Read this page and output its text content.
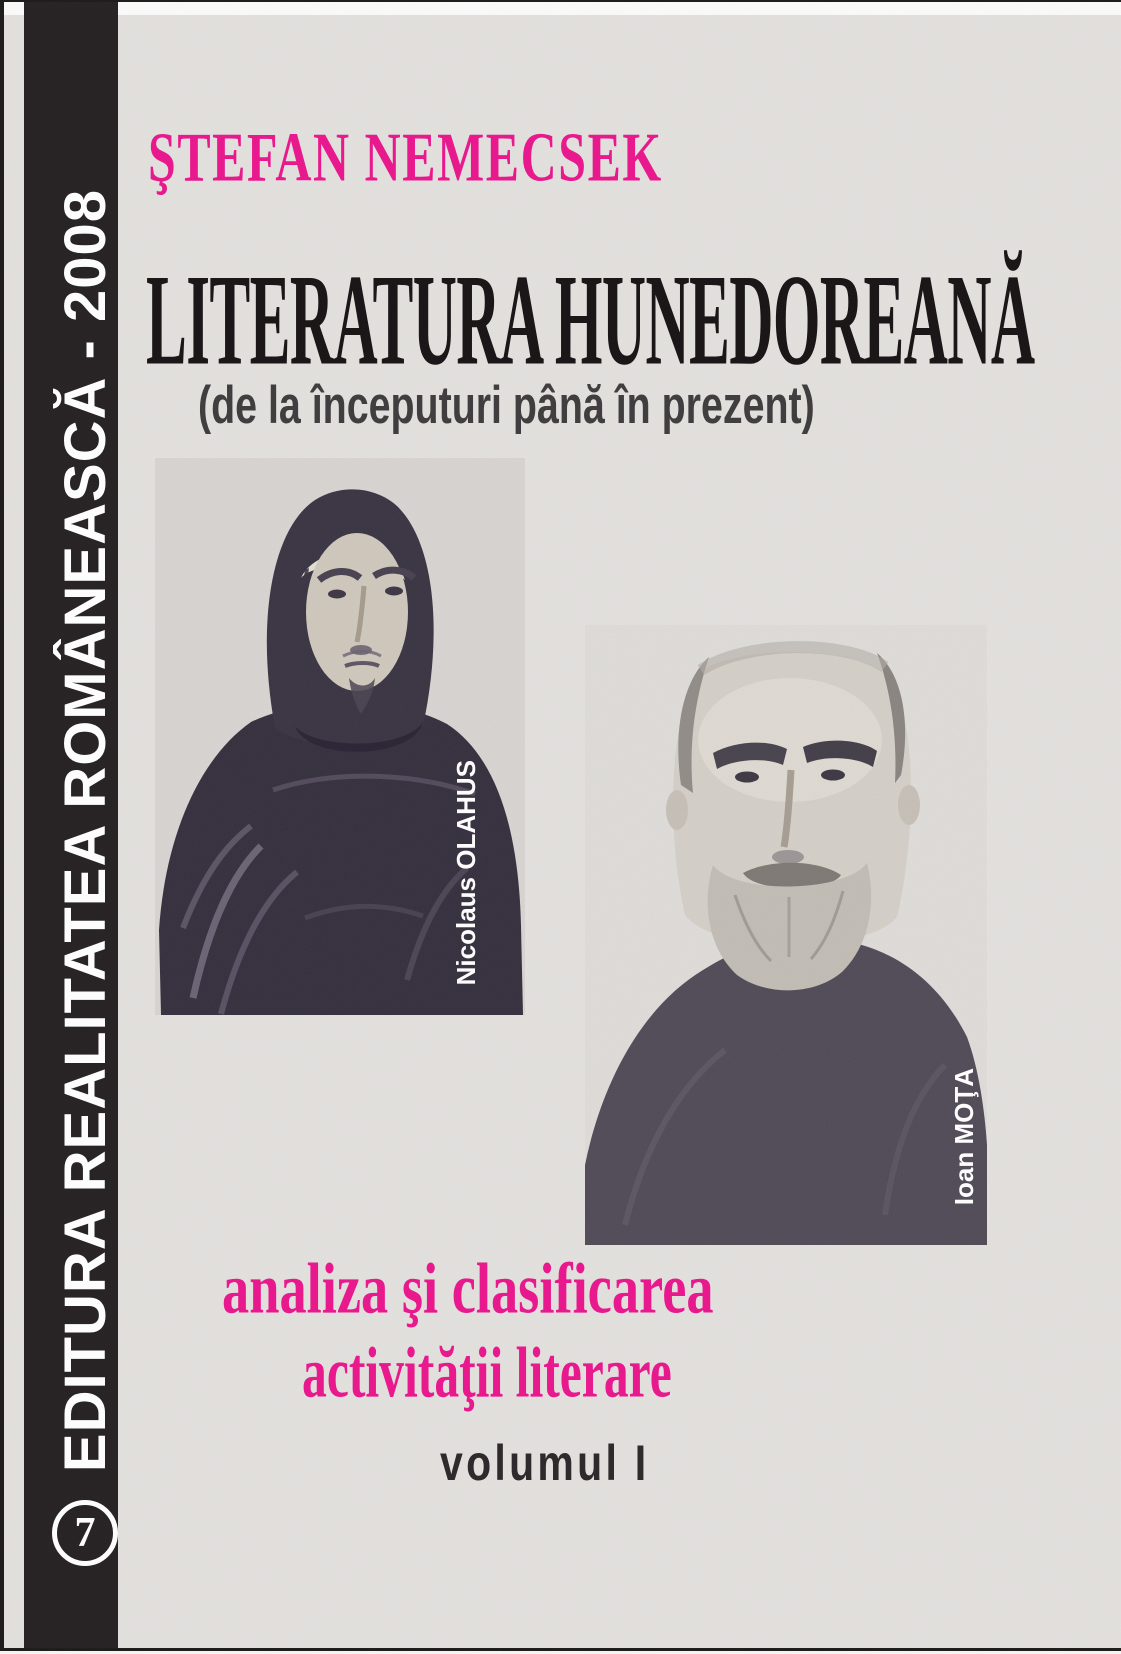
ŞTEFAN NEMECSEK
LITERATURA HUNEDOREANĂ
(de la începuturi până în prezent)
Nicolaus OLAHUS
Ioan MOŢA
analiza şi clasificarea
activităţii literare
volumul I
EDITURA REALITATEA ROMÂNEASCĂ - 2008
7
